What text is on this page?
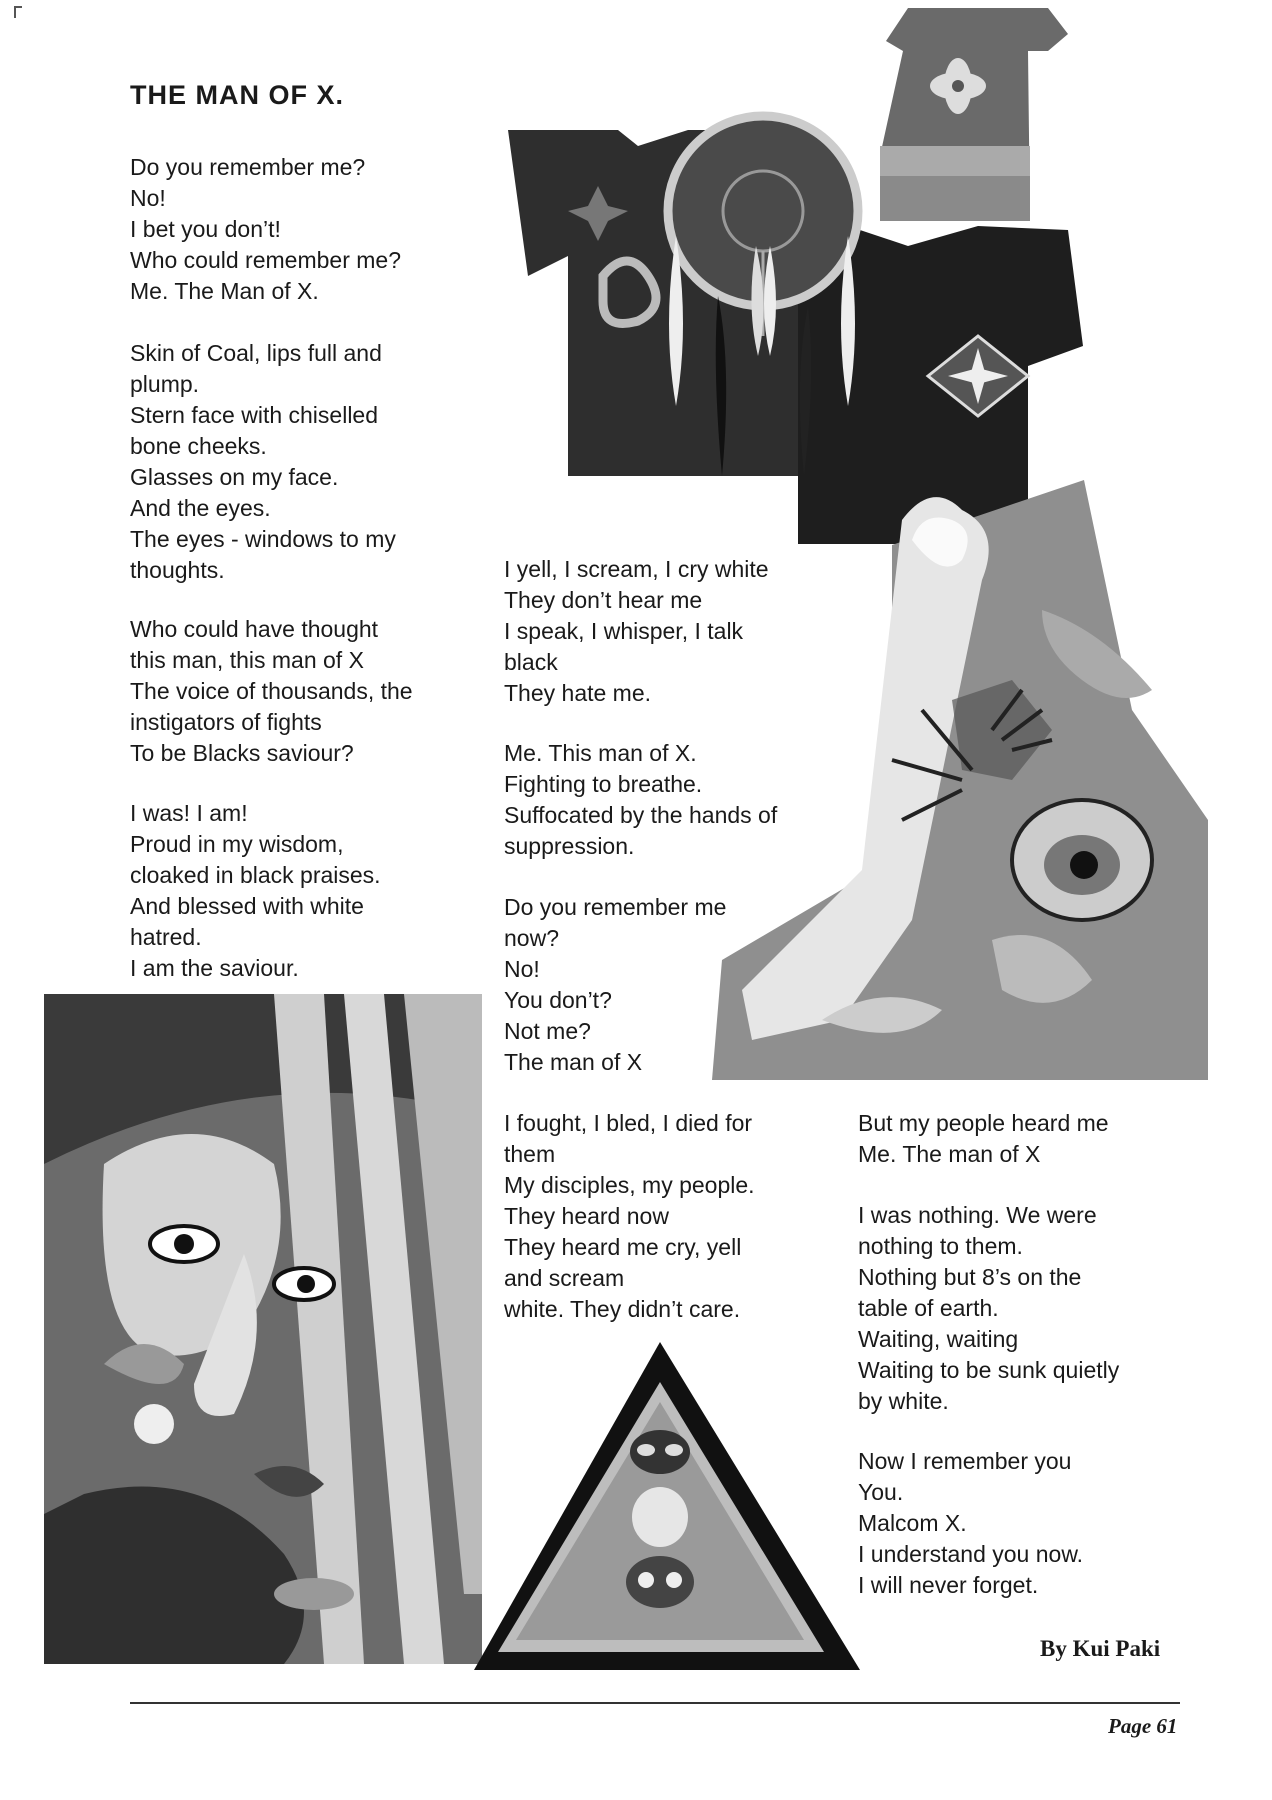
THE MAN OF X.
Do you remember me?
No!
I bet you don’t!
Who could remember me?
Me. The Man of X.
Skin of Coal, lips full and
plump.
Stern face with chiselled
bone cheeks.
Glasses on my face.
And the eyes.
The eyes - windows to my
thoughts.
Who could have thought
this man, this man of X
The voice of thousands, the
instigators of fights
To be Blacks saviour?
I was! I am!
Proud in my wisdom,
cloaked in black praises.
And blessed with white
hatred.
I am the saviour.
I yell, I scream, I cry white
They don’t hear me
I speak, I whisper, I talk
black
They hate me.
Me. This man of X.
Fighting to breathe.
Suffocated by the hands of
suppression.
Do you remember me
now?
No!
You don’t?
Not me?
The man of X
I fought, I bled, I died for
them
My disciples, my people.
They heard now
They heard me cry, yell
and scream
white. They didn’t care.
But my people heard me
Me. The man of X
I was nothing. We were
nothing to them.
Nothing but 8’s on the
table of earth.
Waiting, waiting
Waiting to be sunk quietly
by white.
Now I remember you
You.
Malcom X.
I understand you now.
I will never forget.
By Kui Paki
Page 61
